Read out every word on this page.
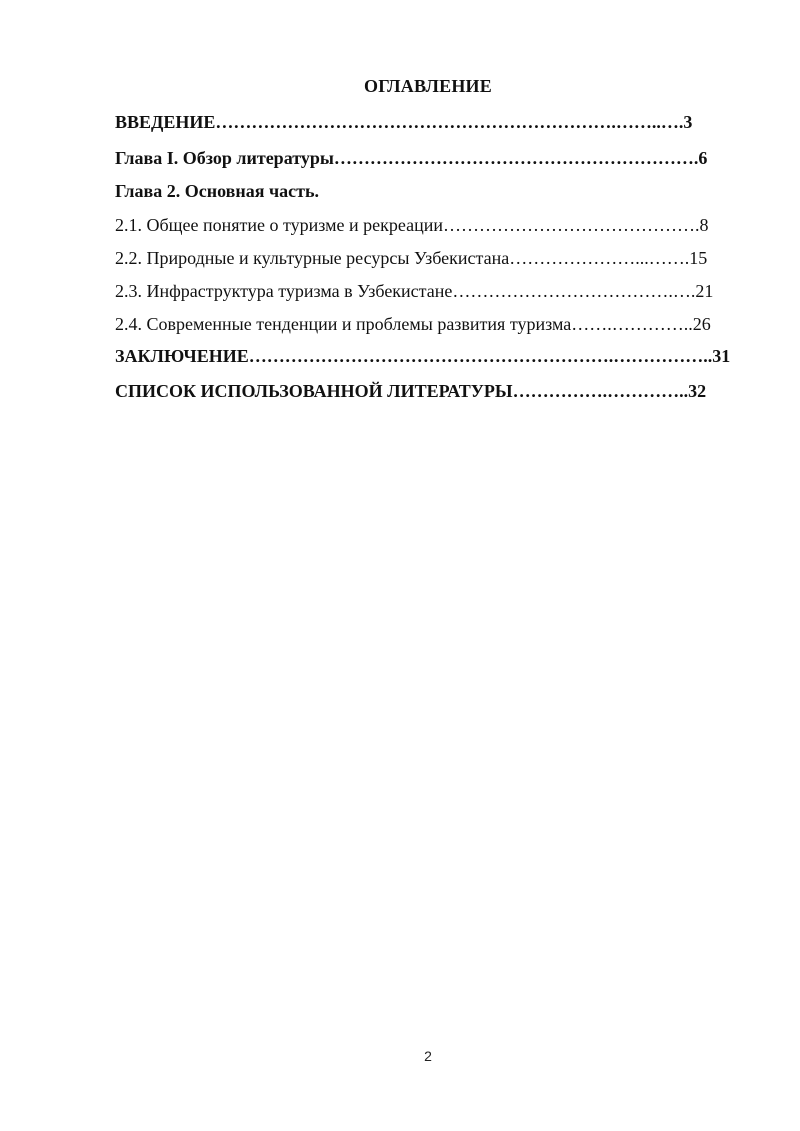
ОГЛАВЛЕНИЕ
ВВЕДЕНИЕ………………………………………………………….……..….3
Глава I. Обзор литературы…………………………………………………….6
Глава 2. Основная часть.
2.1. Общее понятие о туризме и рекреации…………………………………….8
2.2. Природные и культурные ресурсы Узбекистана…………………...…….15
2.3. Инфраструктура туризма в Узбекистане……………………………….….21
2.4. Современные тенденции и проблемы развития туризма…….…………..26
ЗАКЛЮЧЕНИЕ…………………………………………………….……………..31
СПИСОК ИСПОЛЬЗОВАННОЙ ЛИТЕРАТУРЫ…………….…………..32
2
